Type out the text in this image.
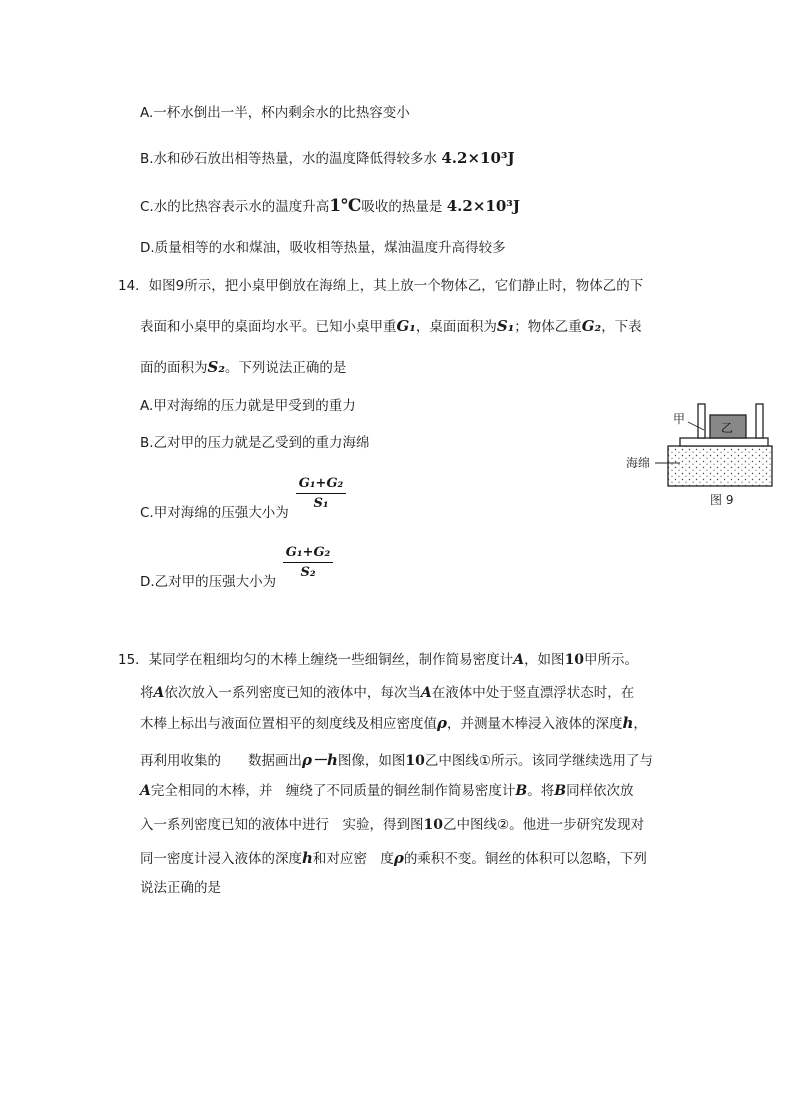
A.一杯水倒出一半，杯内剩余水的比热容变小
B.水和砂石放出相等热量，水的温度降低得较多水 4.2×10³J
C.水的比热容表示水的温度升高1℃吸收的热量是 4.2×10³J
D.质量相等的水和煤油，吸收相等热量，煤油温度升高得较多
14．如图9所示，把小桌甲倒放在海绵上，其上放一个物体乙，它们静止时，物体乙的下
表面和小桌甲的桌面均水平。已知小桌甲重G₁，桌面面积为S₁；物体乙重G₂，下表
面的面积为S₂。下列说法正确的是
A.甲对海绵的压力就是甲受到的重力
B.乙对甲的压力就是乙受到的重力海绵
C.甲对海绵的压强大小为
G₁+G₂
S₁
D.乙对甲的压强大小为
G₁+G₂
S₂
甲
乙
海绵
图 9
15．某同学在粗细均匀的木棒上缠绕一些细铜丝，制作简易密度计A，如图10甲所示。
将A依次放入一系列密度已知的液体中，每次当A在液体中处于竖直漂浮状态时，在
木棒上标出与液面位置相平的刻度线及相应密度值ρ，并测量木棒浸入液体的深度h，
再利用收集的　　数据画出ρ－h图像，如图10乙中图线①所示。该同学继续选用了与
A完全相同的木棒，并　缠绕了不同质量的铜丝制作简易密度计B。将B同样依次放
入一系列密度已知的液体中进行　实验，得到图10乙中图线②。他进一步研究发现对
同一密度计浸入液体的深度h和对应密　度ρ的乘积不变。铜丝的体积可以忽略，下列
说法正确的是
